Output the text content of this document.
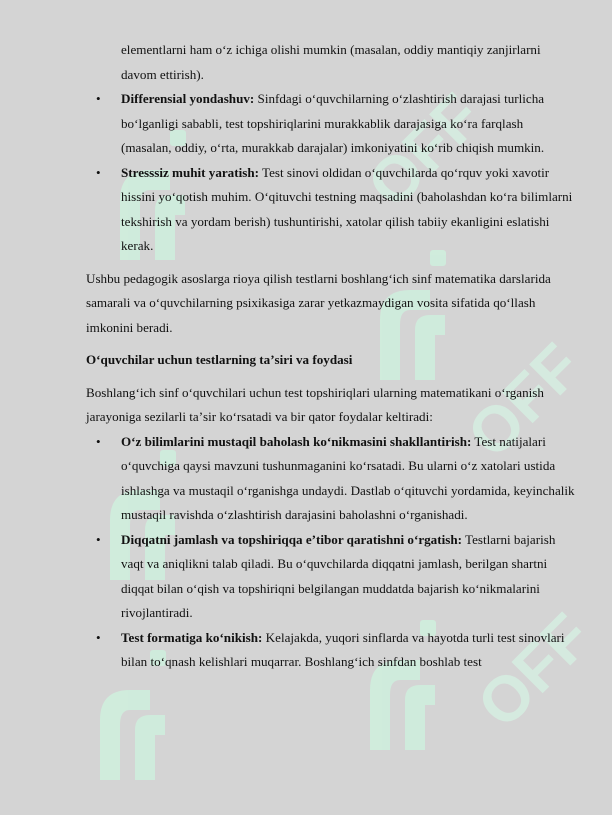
OFF
OFF
OFF

elementlarni ham oʻz ichiga olishi mumkin (masalan, oddiy mantiqiy zanjirlarni davom ettirish).

• Differensial yondashuv: Sinfdagi oʻquvchilarning oʻzlashtirish darajasi turlicha boʻlganligi sababli, test topshiriqlarini murakkablik darajasiga koʻra farqlash (masalan, oddiy, oʻrta, murakkab darajalar) imkoniyatini koʻrib chiqish mumkin.
• Stresssiz muhit yaratish: Test sinovi oldidan oʻquvchilarda qoʻrquv yoki xavotir hissini yoʻqotish muhim. Oʻqituvchi testning maqsadini (baholashdan koʻra bilimlarni tekshirish va yordam berish) tushuntirishi, xatolar qilish tabiiy ekanligini eslatishi kerak.

Ushbu pedagogik asoslarga rioya qilish testlarni boshlangʻich sinf matematika darslarida samarali va oʻquvchilarning psixikasiga zarar yetkazmaydigan vosita sifatida qoʻllash imkonini beradi.

Oʻquvchilar uchun testlarning taʼsiri va foydasi

Boshlangʻich sinf oʻquvchilari uchun test topshiriqlari ularning matematikani oʻrganish jarayoniga sezilarli taʼsir koʻrsatadi va bir qator foydalar keltiradi:

• Oʻz bilimlarini mustaqil baholash koʻnikmasini shakllantirish: Test natijalari oʻquvchiga qaysi mavzuni tushunmaganini koʻrsatadi. Bu ularni oʻz xatolari ustida ishlashga va mustaqil oʻrganishga undaydi. Dastlab oʻqituvchi yordamida, keyinchalik mustaqil ravishda oʻzlashtirish darajasini baholashni oʻrganishadi.
• Diqqatni jamlash va topshiriqqa eʼtibor qaratishni oʻrgatish: Testlarni bajarish vaqt va aniqlikni talab qiladi. Bu oʻquvchilarda diqqatni jamlash, berilgan shartni diqqat bilan oʻqish va topshiriqni belgilangan muddatda bajarish koʻnikmalarini rivojlantiradi.
• Test formatiga koʻnikish: Kelajakda, yuqori sinflarda va hayotda turli test sinovlari bilan toʻqnash kelishlari muqarrar. Boshlangʻich sinfdan boshlab test
